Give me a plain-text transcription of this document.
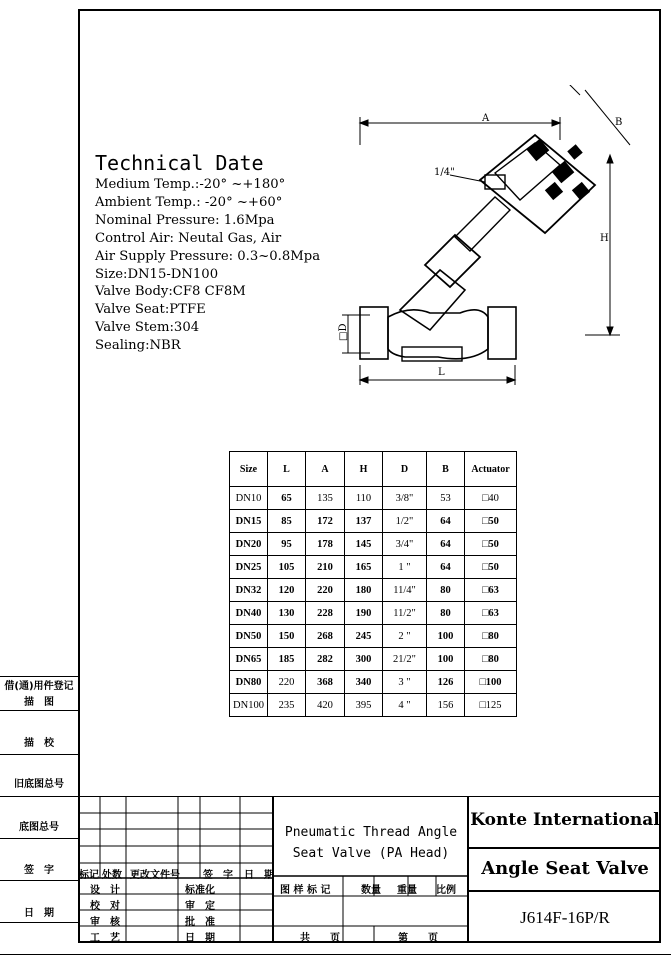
Technical Date
Medium Temp.:-20° ~+180°
Ambient Temp.: -20° ~+60°
Nominal Pressure: 1.6Mpa
Control Air: Neutal Gas, Air
Air Supply Pressure: 0.3~0.8Mpa
Size:DN15-DN100
Valve Body:CF8 CF8M
Valve Seat:PTFE
Valve Stem:304
Sealing:NBR
A	B
H
L
□D
1/4"
Size	L	A	H	D	B	Actuator
DN10	65	135	110	3/8"	53	□40
DN15	85	172	137	1/2"	64	□50
DN20	95	178	145	3/4"	64	□50
DN25	105	210	165	1 "	64	□50
DN32	120	220	180	11/4"	80	□63
DN40	130	228	190	11/2"	80	□63
DN50	150	268	245	2 "	100	□80
DN65	185	282	300	21/2"	100	□80
DN80	220	368	340	3 "	126	□100
DN100	235	420	395	4 "	156	□125
借(通)用件登记
描　图
描　校
旧底图总号
底图总号
签　字
日　期
标记 处数 更改文件号 签　字 日　期
设　计
校　对
审　核
工　艺
标准化
审　定
批　准
日　期
图 样 标 记	数量 重量 比例
共　　页	第　　页
Pneumatic Thread Angle
Seat Valve (PA Head)
Konte International
Angle Seat Valve
J614F-16P/R
